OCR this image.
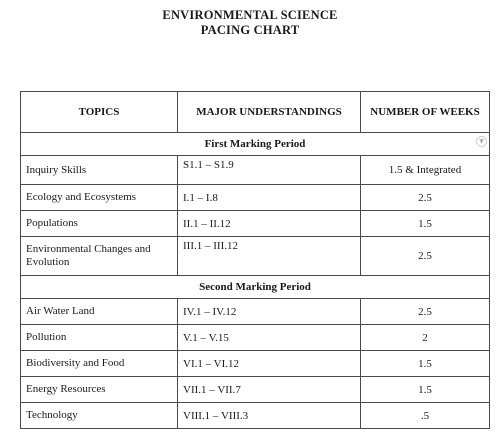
ENVIRONMENTAL SCIENCE
PACING CHART
TOPICS	MAJOR UNDERSTANDINGS	NUMBER OF WEEKS
First Marking Period ▼		

Inquiry Skills	S1.1 – S1.9	1.5 & Integrated
Ecology and Ecosystems	I.1 – I.8	2.5
Populations	II.1 – II.12	1.5
Environmental Changes and Evolution	III.1 – III.12	2.5
Second Marking Period		
Air Water Land	IV.1 – IV.12	2.5
Pollution	V.1 – V.15	2
Biodiversity and Food	VI.1 – VI.12	1.5
Energy Resources	VII.1 – VII.7	1.5
Technology	VIII.1 – VIII.3	.5
